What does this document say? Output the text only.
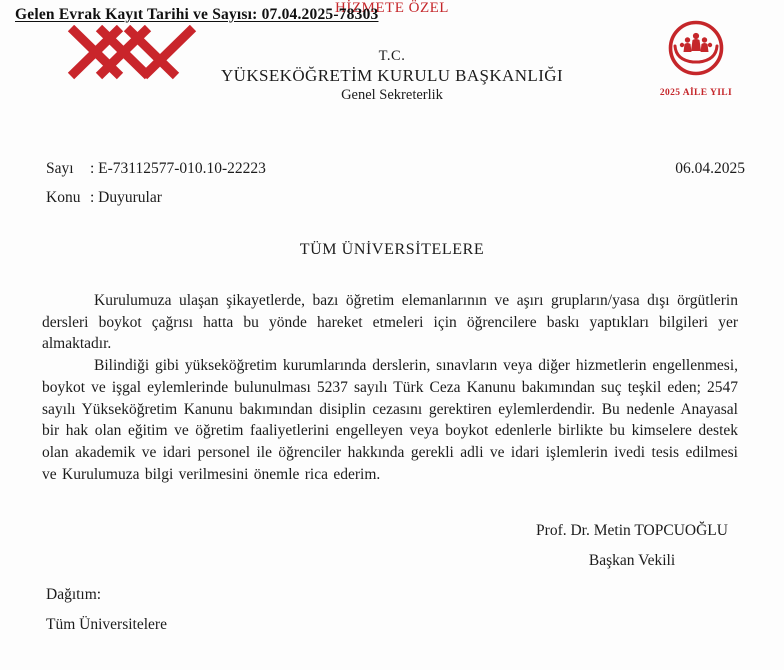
HİZMETE ÖZEL
Gelen Evrak Kayıt Tarihi ve Sayısı: 07.04.2025-78303
T.C.
YÜKSEKÖĞRETİM KURULU BAŞKANLIĞI
Genel Sekreterlik	2025 AİLE YILI
Sayı : E-73112577-010.10-22223
Konu : Duyurular
06.04.2025
TÜM ÜNİVERSİTELERE

Kurulumuza ulaşan şikayetlerde, bazı öğretim elemanlarının ve aşırı grupların/yasa dışı örgütlerin dersleri boykot çağrısı hatta bu yönde hareket etmeleri için öğrencilere baskı yaptıkları bilgileri yer almaktadır.

Bilindiği gibi yükseköğretim kurumlarında derslerin, sınavların veya diğer hizmetlerin engellenmesi, boykot ve işgal eylemlerinde bulunulması 5237 sayılı Türk Ceza Kanunu bakımından suç teşkil eden; 2547 sayılı Yükseköğretim Kanunu bakımından disiplin cezasını gerektiren eylemlerdendir. Bu nedenle Anayasal bir hak olan eğitim ve öğretim faaliyetlerini engelleyen veya boykot edenlerle birlikte bu kimselere destek olan akademik ve idari personel ile öğrenciler hakkında gerekli adli ve idari işlemlerin ivedi tesis edilmesi ve Kurulumuza bilgi verilmesini önemle rica ederim.

Prof. Dr. Metin TOPCUOĞLU
Başkan Vekili
Dağıtım:
Tüm Üniversitelere
